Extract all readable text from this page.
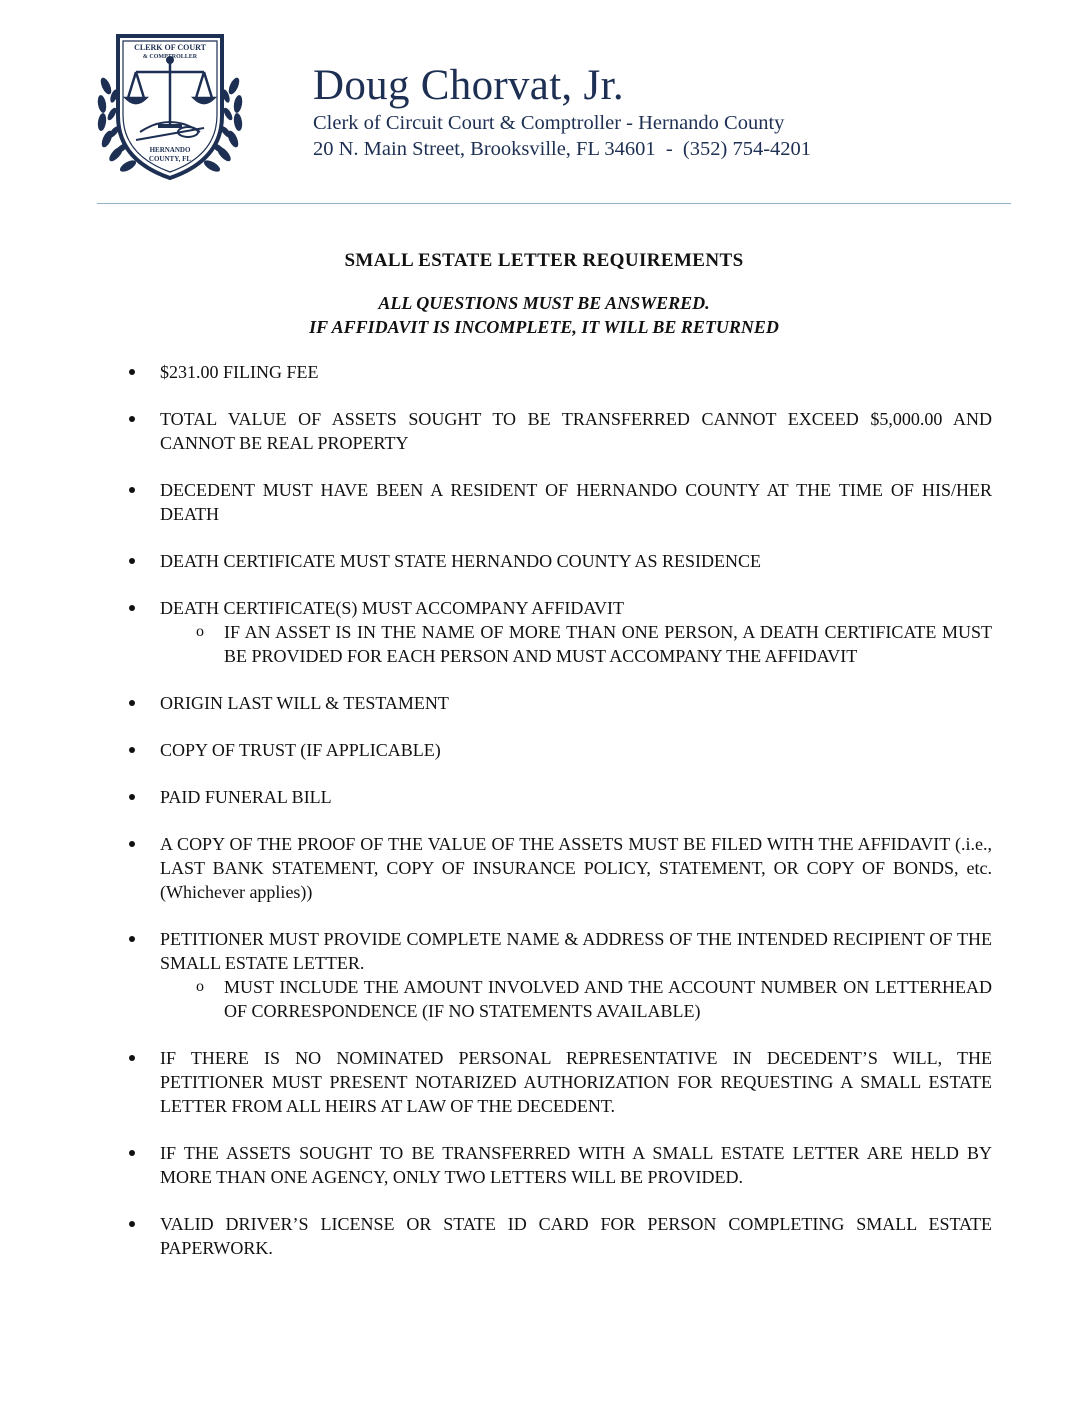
CLERK OF COURT
& COMPTROLLER
HERNANDO
COUNTY, FL
Doug Chorvat, Jr.
Clerk of Circuit Court & Comptroller - Hernando County
20 N. Main Street, Brooksville, FL 34601  -  (352) 754-4201
SMALL ESTATE LETTER REQUIREMENTS
ALL QUESTIONS MUST BE ANSWERED.
IF AFFIDAVIT IS INCOMPLETE, IT WILL BE RETURNED
$231.00 FILING FEE
TOTAL VALUE OF ASSETS SOUGHT TO BE TRANSFERRED CANNOT EXCEED $5,000.00 AND CANNOT BE REAL PROPERTY
DECEDENT MUST HAVE BEEN A RESIDENT OF HERNANDO COUNTY AT THE TIME OF HIS/HER DEATH
DEATH CERTIFICATE MUST STATE HERNANDO COUNTY AS RESIDENCE
DEATH CERTIFICATE(S) MUST ACCOMPANY AFFIDAVIT
o IF AN ASSET IS IN THE NAME OF MORE THAN ONE PERSON, A DEATH CERTIFICATE MUST BE PROVIDED FOR EACH PERSON AND MUST ACCOMPANY THE AFFIDAVIT
ORIGIN LAST WILL & TESTAMENT
COPY OF TRUST (IF APPLICABLE)
PAID FUNERAL BILL
A COPY OF THE PROOF OF THE VALUE OF THE ASSETS MUST BE FILED WITH THE AFFIDAVIT (.i.e., LAST BANK STATEMENT, COPY OF INSURANCE POLICY, STATEMENT, OR COPY OF BONDS, etc. (Whichever applies))
PETITIONER MUST PROVIDE COMPLETE NAME & ADDRESS OF THE INTENDED RECIPIENT OF THE SMALL ESTATE LETTER.
o MUST INCLUDE THE AMOUNT INVOLVED AND THE ACCOUNT NUMBER ON LETTERHEAD OF CORRESPONDENCE (IF NO STATEMENTS AVAILABLE)
IF THERE IS NO NOMINATED PERSONAL REPRESENTATIVE IN DECEDENT’S WILL, THE PETITIONER MUST PRESENT NOTARIZED AUTHORIZATION FOR REQUESTING A SMALL ESTATE LETTER FROM ALL HEIRS AT LAW OF THE DECEDENT.
IF THE ASSETS SOUGHT TO BE TRANSFERRED WITH A SMALL ESTATE LETTER ARE HELD BY MORE THAN ONE AGENCY, ONLY TWO LETTERS WILL BE PROVIDED.
VALID DRIVER’S LICENSE OR STATE ID CARD FOR PERSON COMPLETING SMALL ESTATE PAPERWORK.
